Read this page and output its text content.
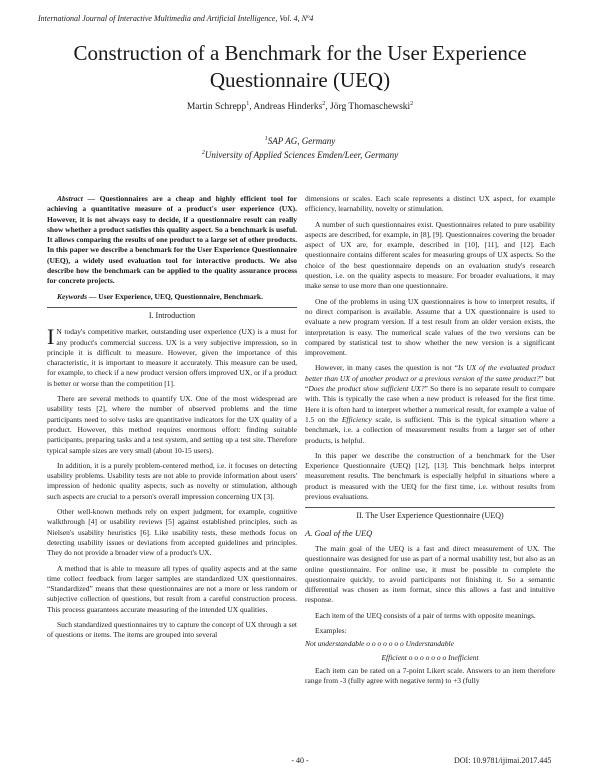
International Journal of Interactive Multimedia and Artificial Intelligence, Vol. 4, Nº4
Construction of a Benchmark for the User Experience
Questionnaire (UEQ)
Martin Schrepp$^1$, Andreas Hinderks$^2$, Jörg Thomaschewski$^2$
$^1$SAP AG, Germany
$^2$University of Applied Sciences Emden/Leer, Germany

Abstract — Questionnaires are a cheap and highly efficient tool for achieving a quantitative measure of a product's user experience (UX). However, it is not always easy to decide, if a questionnaire result can really show whether a product satisfies this quality aspect. So a benchmark is useful. It allows comparing the results of one product to a large set of other products. In this paper we describe a benchmark for the User Experience Questionnaire (UEQ), a widely used evaluation tool for interactive products. We also describe how the benchmark can be applied to the quality assurance process for concrete projects.

Keywords — User Experience, UEQ, Questionnaire, Benchmark.

I. Introduction

I N today's competitive market, outstanding user experience (UX) is a must for any product's commercial success. UX is a very subjective impression, so in principle it is difficult to measure. However, given the importance of this characteristic, it is important to measure it accurately. This measure can be used, for example, to check if a new product version offers improved UX, or if a product is better or worse than the competition [1].

There are several methods to quantify UX. One of the most widespread are usability tests [2], where the number of observed problems and the time participants need to solve tasks are quantitative indicators for the UX quality of a product. However, this method requires enormous effort: finding suitable participants, preparing tasks and a test system, and setting up a test site. Therefore typical sample sizes are very small (about 10-15 users).

In addition, it is a purely problem-centered method, i.e. it focuses on detecting usability problems. Usability tests are not able to provide information about users' impression of hedonic quality aspects, such as novelty or stimulation, although such aspects are crucial to a person's overall impression concerning UX [3].

Other well-known methods rely on expert judgment, for example, cognitive walkthrough [4] or usability reviews [5] against established principles, such as Nielsen's usability heuristics [6]. Like usability tests, these methods focus on detecting usability issues or deviations from accepted guidelines and principles. They do not provide a broader view of a product's UX.

A method that is able to measure all types of quality aspects and at the same time collect feedback from larger samples are standardized UX questionnaires. “Standardized” means that these questionnaires are not a more or less random or subjective collection of questions, but result from a careful construction process. This process guarantees accurate measuring of the intended UX qualities.

Such standardized questionnaires try to capture the concept of UX through a set of questions or items. The items are grouped into several

dimensions or scales. Each scale represents a distinct UX aspect, for example efficiency, learnability, novelty or stimulation.

A number of such questionnaires exist. Questionnaires related to pure usability aspects are described, for example, in [8], [9]. Questionnaires covering the broader aspect of UX are, for example, described in [10], [11], and [12]. Each questionnaire contains different scales for measuring groups of UX aspects. So the choice of the best questionnaire depends on an evaluation study's research question, i.e. on the quality aspects to measure. For broader evaluations, it may make sense to use more than one questionnaire.

One of the problems in using UX questionnaires is how to interpret results, if no direct comparison is available. Assume that a UX questionnaire is used to evaluate a new program version. If a test result from an older version exists, the interpretation is easy. The numerical scale values of the two versions can be compared by statistical test to show whether the new version is a significant improvement.

However, in many cases the question is not “Is UX of the evaluated product better than UX of another product or a previous version of the same product?” but “Does the product show sufficient UX?” So there is no separate result to compare with. This is typically the case when a new product is released for the first time. Here it is often hard to interpret whether a numerical result, for example a value of 1.5 on the Efficiency scale, is sufficient. This is the typical situation where a benchmark, i.e. a collection of measurement results from a larger set of other products, is helpful.

In this paper we describe the construction of a benchmark for the User Experience Questionnaire (UEQ) [12], [13]. This benchmark helps interpret measurement results. The benchmark is especially helpful in situations where a product is measured with the UEQ for the first time, i.e. without results from previous evaluations.

II. The User Experience Questionnaire (UEQ)
A. Goal of the UEQ

The main goal of the UEQ is a fast and direct measurement of UX. The questionnaire was designed for use as part of a normal usability test, but also as an online questionnaire. For online use, it must be possible to complete the questionnaire quickly, to avoid participants not finishing it. So a semantic differential was chosen as item format, since this allows a fast and intuitive response.

Each item of the UEQ consists of a pair of terms with opposite meanings.

Examples:

Not understandable o o o o o o o Understandable
Efficient o o o o o o o Inefficient

Each item can be rated on a 7-point Likert scale. Answers to an item therefore range from -3 (fully agree with negative term) to +3 (fully

- 40 -	DOI: 10.9781/ijimai.2017.445
